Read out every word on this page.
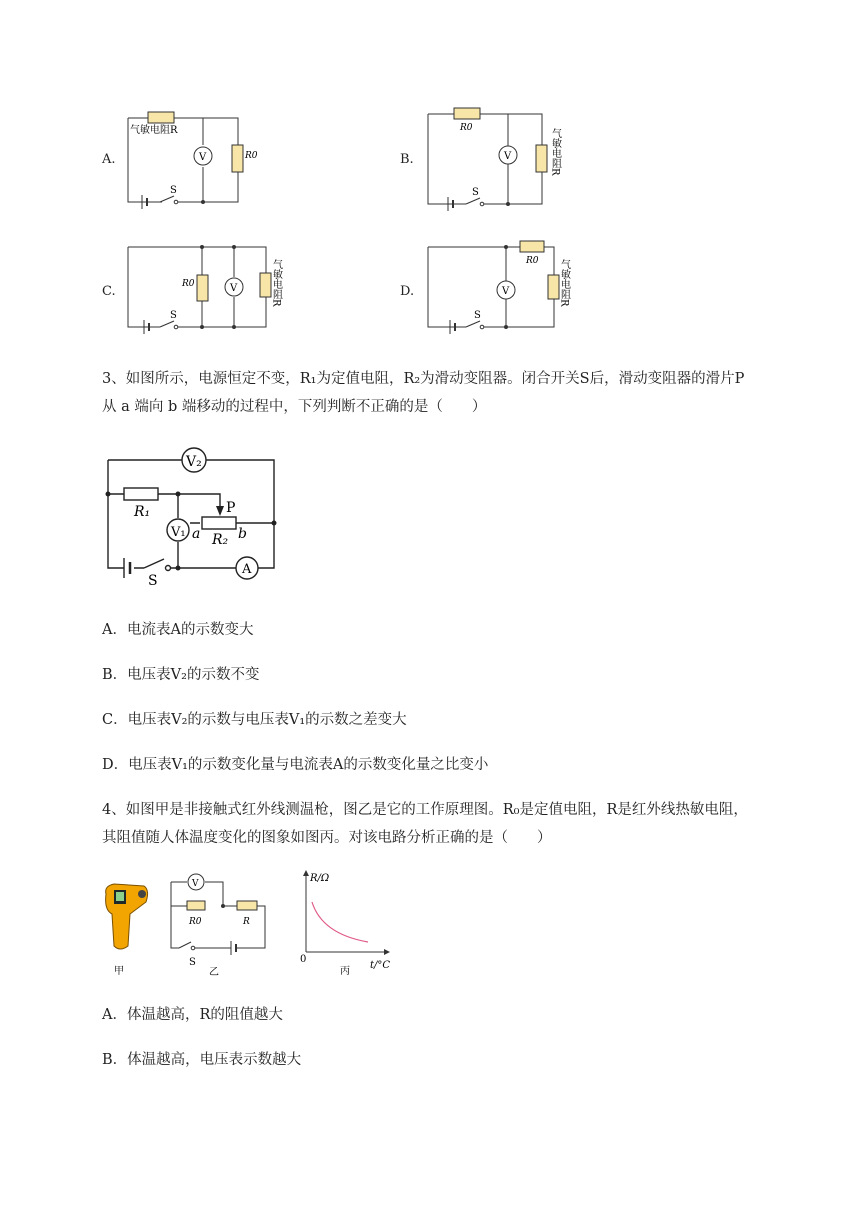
A.	B.
C.	D.
V
气敏电阻R
R0
S
V
R0	气敏电阻R
S
V
R0	气敏电阻R
S
V
R0 气敏电阻R
S
3、如图所示，电源恒定不变，R₁为定值电阻，R₂为滑动变阻器。闭合开关S后，滑动变阻器的滑片P
从 a 端向 b 端移动的过程中，下列判断不正确的是（　　）
V₂
V₁
A
R₁	P
a	b
R₂
S
A．电流表A的示数变大
B．电压表V₂的示数不变
C．电压表V₂的示数与电压表V₁的示数之差变大
D．电压表V₁的示数变化量与电流表A的示数变化量之比变小
4、如图甲是非接触式红外线测温枪，图乙是它的工作原理图。R₀是定值电阻，R是红外线热敏电阻，
其阻值随人体温度变化的图象如图丙。对该电路分析正确的是（　　）
甲
V
R0	R
S
乙
R/Ω
0
t/°C
丙
A．体温越高，R的阻值越大
B．体温越高，电压表示数越大
